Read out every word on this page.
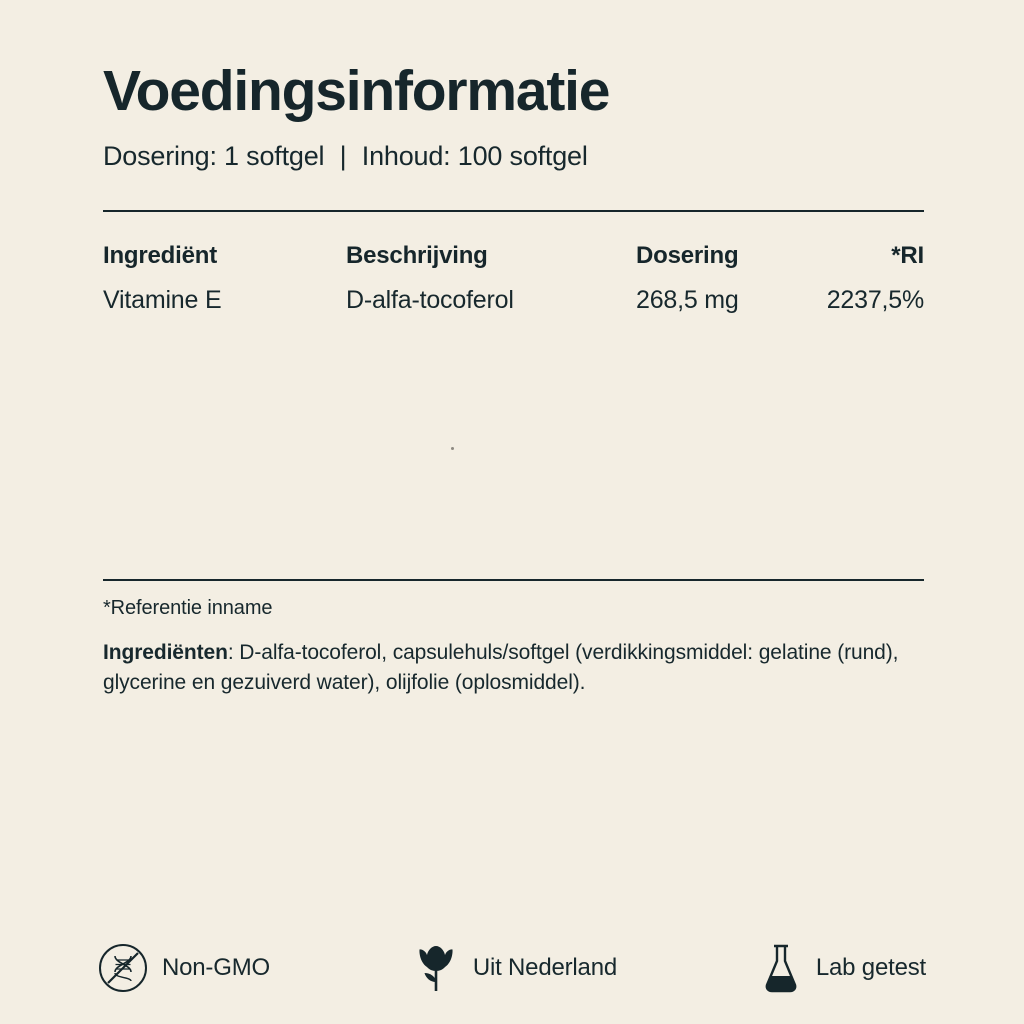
Voedingsinformatie
Dosering: 1 softgel | Inhoud: 100 softgel
Ingrediënt	Beschrijving	Dosering	*RI
Vitamine E	D-alfa-tocoferol	268,5 mg	2237,5%
*Referentie inname
Ingrediënten: D-alfa-tocoferol, capsulehuls/softgel (verdikkingsmiddel: gelatine (rund), glycerine en gezuiverd water), olijfolie (oplosmiddel).
Non-GMO	Uit Nederland	Lab getest
